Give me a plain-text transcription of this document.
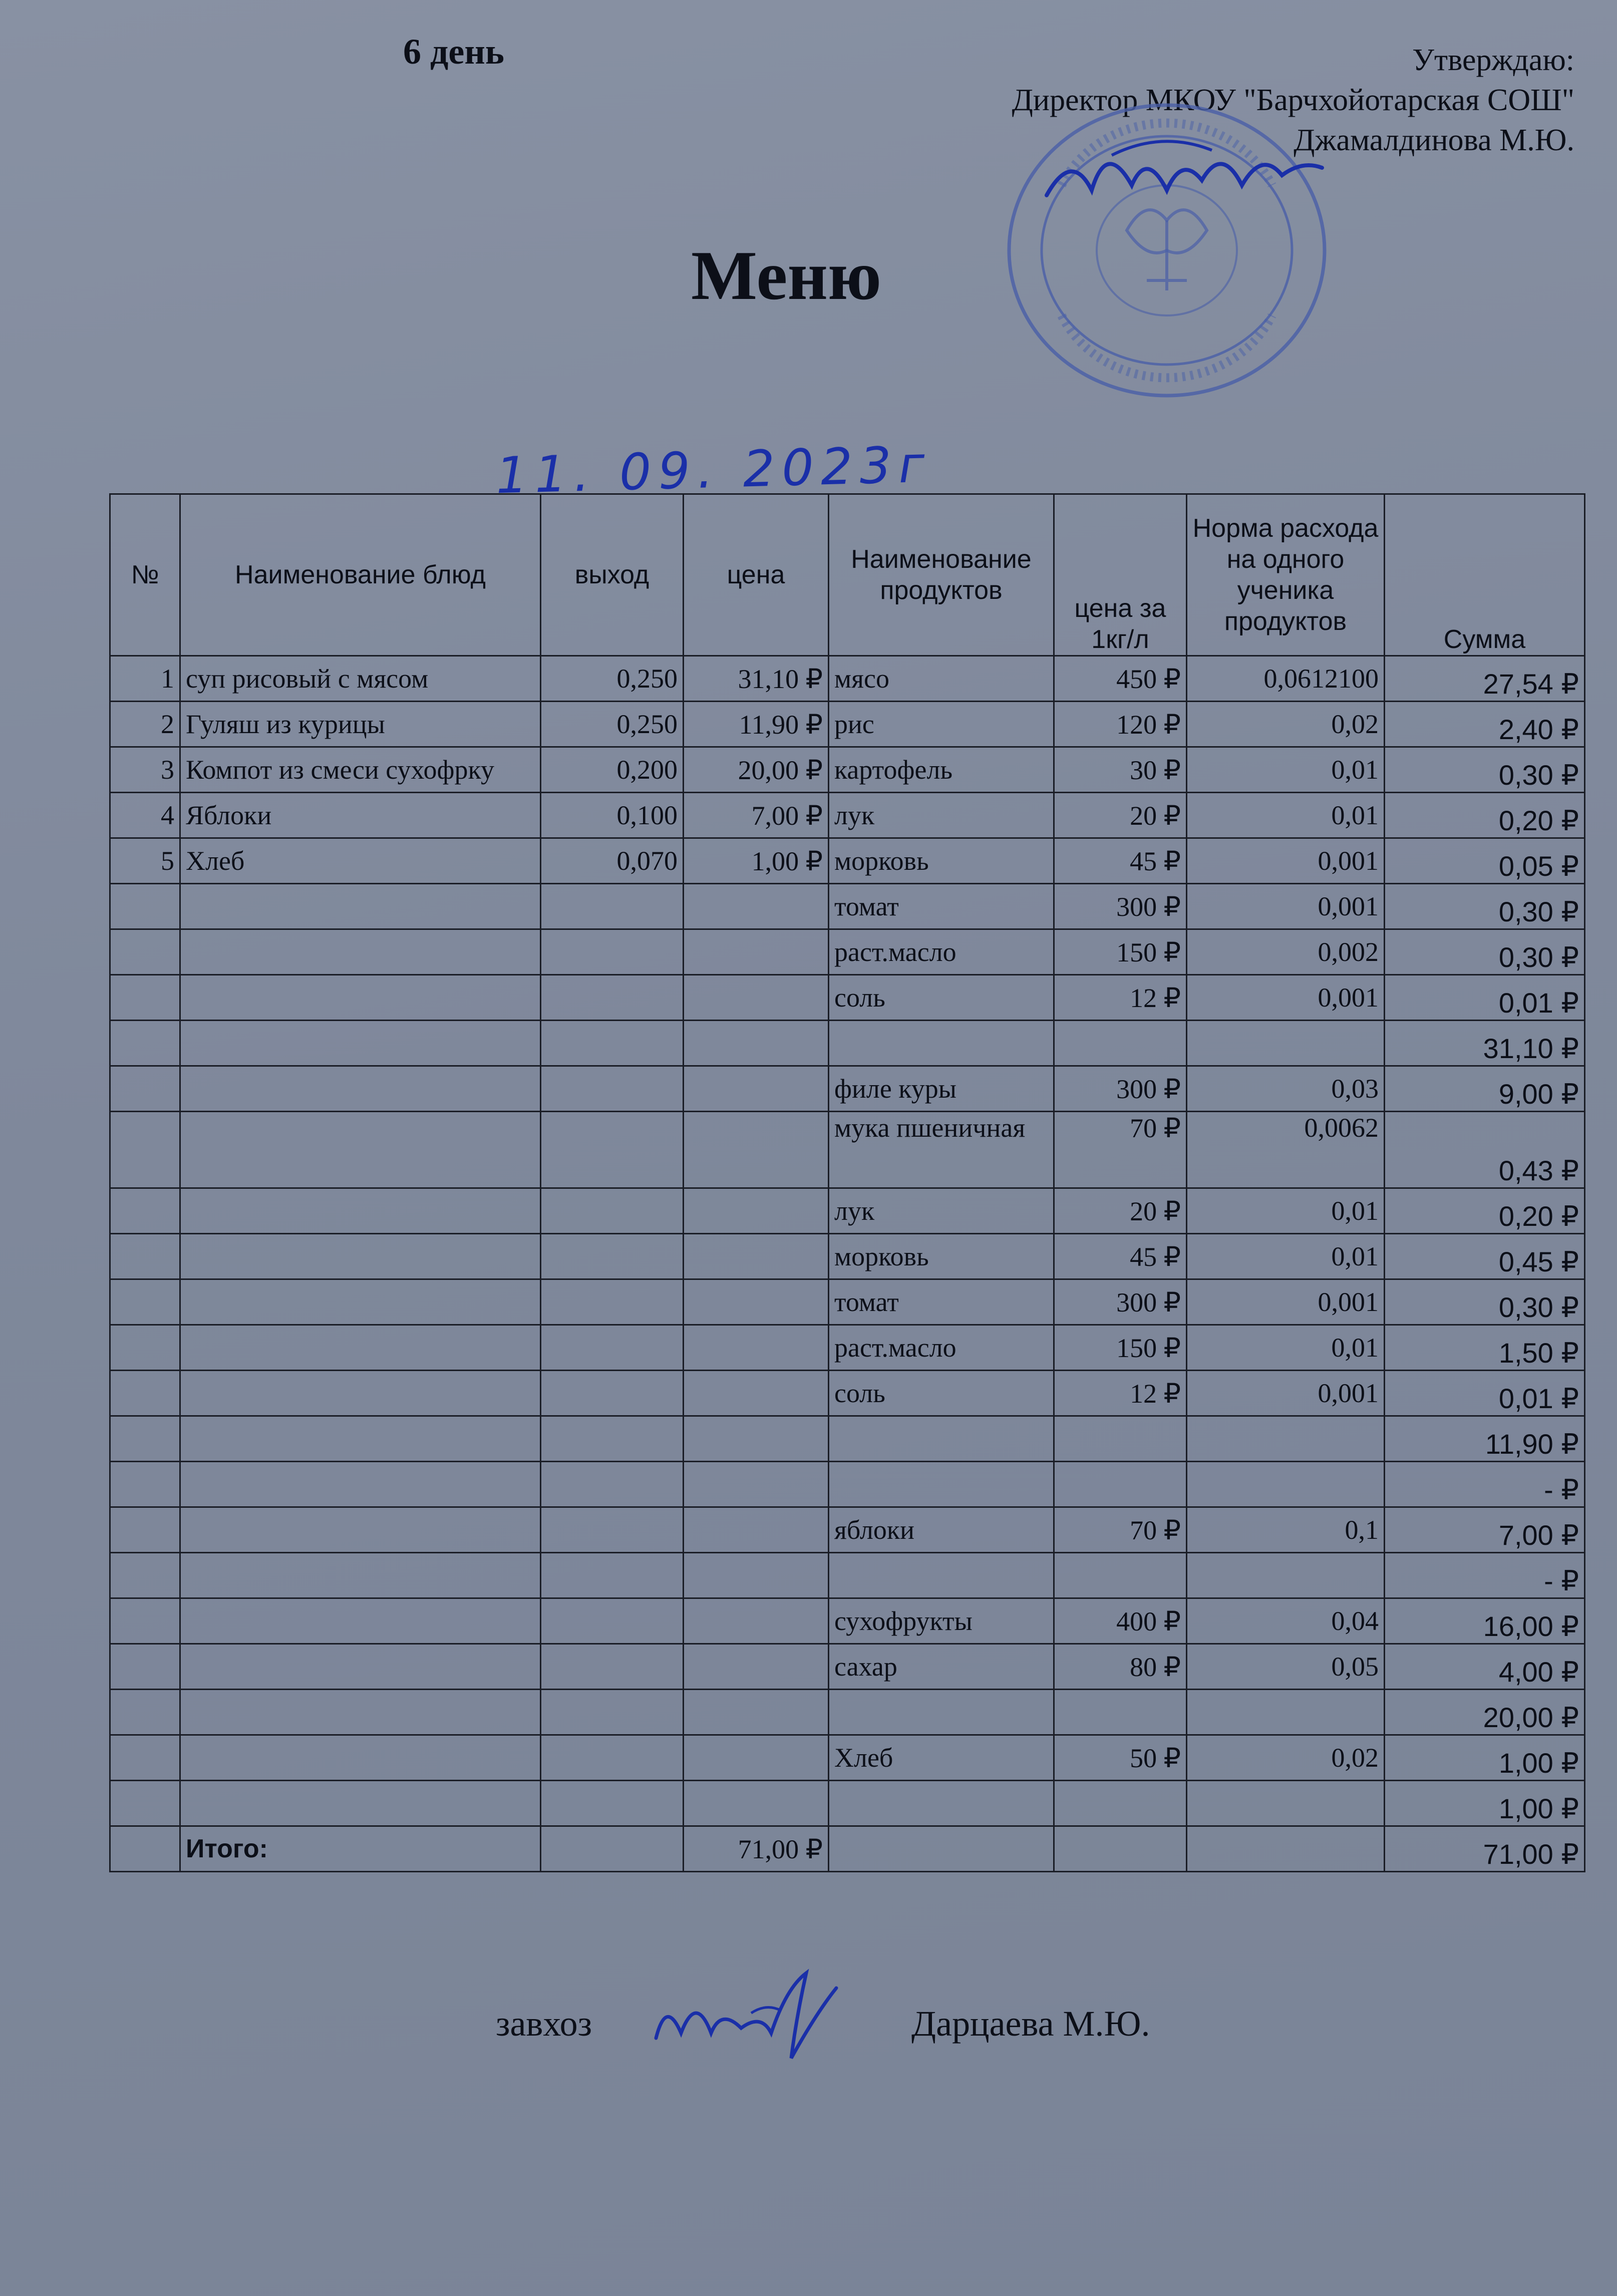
6 день	Утверждаю:
Директор МКОУ "Барчхойотарская СОШ"
Джамалдинова М.Ю.
Меню
11. 09. 2023г
№	Наименование блюд	выход	цена	Наименование продуктов	цена за 1кг/л	Норма расхода на одного ученика продуктов	Сумма
1	суп рисовый с мясом	0,250	31,10 ₽	мясо	450 ₽	0,0612100	27,54 ₽
2	Гуляш из курицы	0,250	11,90 ₽	рис	120 ₽	0,02	2,40 ₽
3	Компот из смеси сухофрку	0,200	20,00 ₽	картофель	30 ₽	0,01	0,30 ₽
4	Яблоки	0,100	7,00 ₽	лук	20 ₽	0,01	0,20 ₽
5	Хлеб	0,070	1,00 ₽	морковь	45 ₽	0,001	0,05 ₽
				томат	300 ₽	0,001	0,30 ₽
				раст.масло	150 ₽	0,002	0,30 ₽
				соль	12 ₽	0,001	0,01 ₽
							31,10 ₽
				филе куры	300 ₽	0,03	9,00 ₽
				мука пшеничная	70 ₽	0,0062	0,43 ₽
				лук	20 ₽	0,01	0,20 ₽
				морковь	45 ₽	0,01	0,45 ₽
				томат	300 ₽	0,001	0,30 ₽
				раст.масло	150 ₽	0,01	1,50 ₽
				соль	12 ₽	0,001	0,01 ₽
							11,90 ₽
							- ₽
				яблоки	70 ₽	0,1	7,00 ₽
							- ₽
				сухофрукты	400 ₽	0,04	16,00 ₽
				сахар	80 ₽	0,05	4,00 ₽
							20,00 ₽
				Хлеб	50 ₽	0,02	1,00 ₽
							1,00 ₽
	Итого:		71,00 ₽				71,00 ₽
завхоз	Дарцаева М.Ю.
